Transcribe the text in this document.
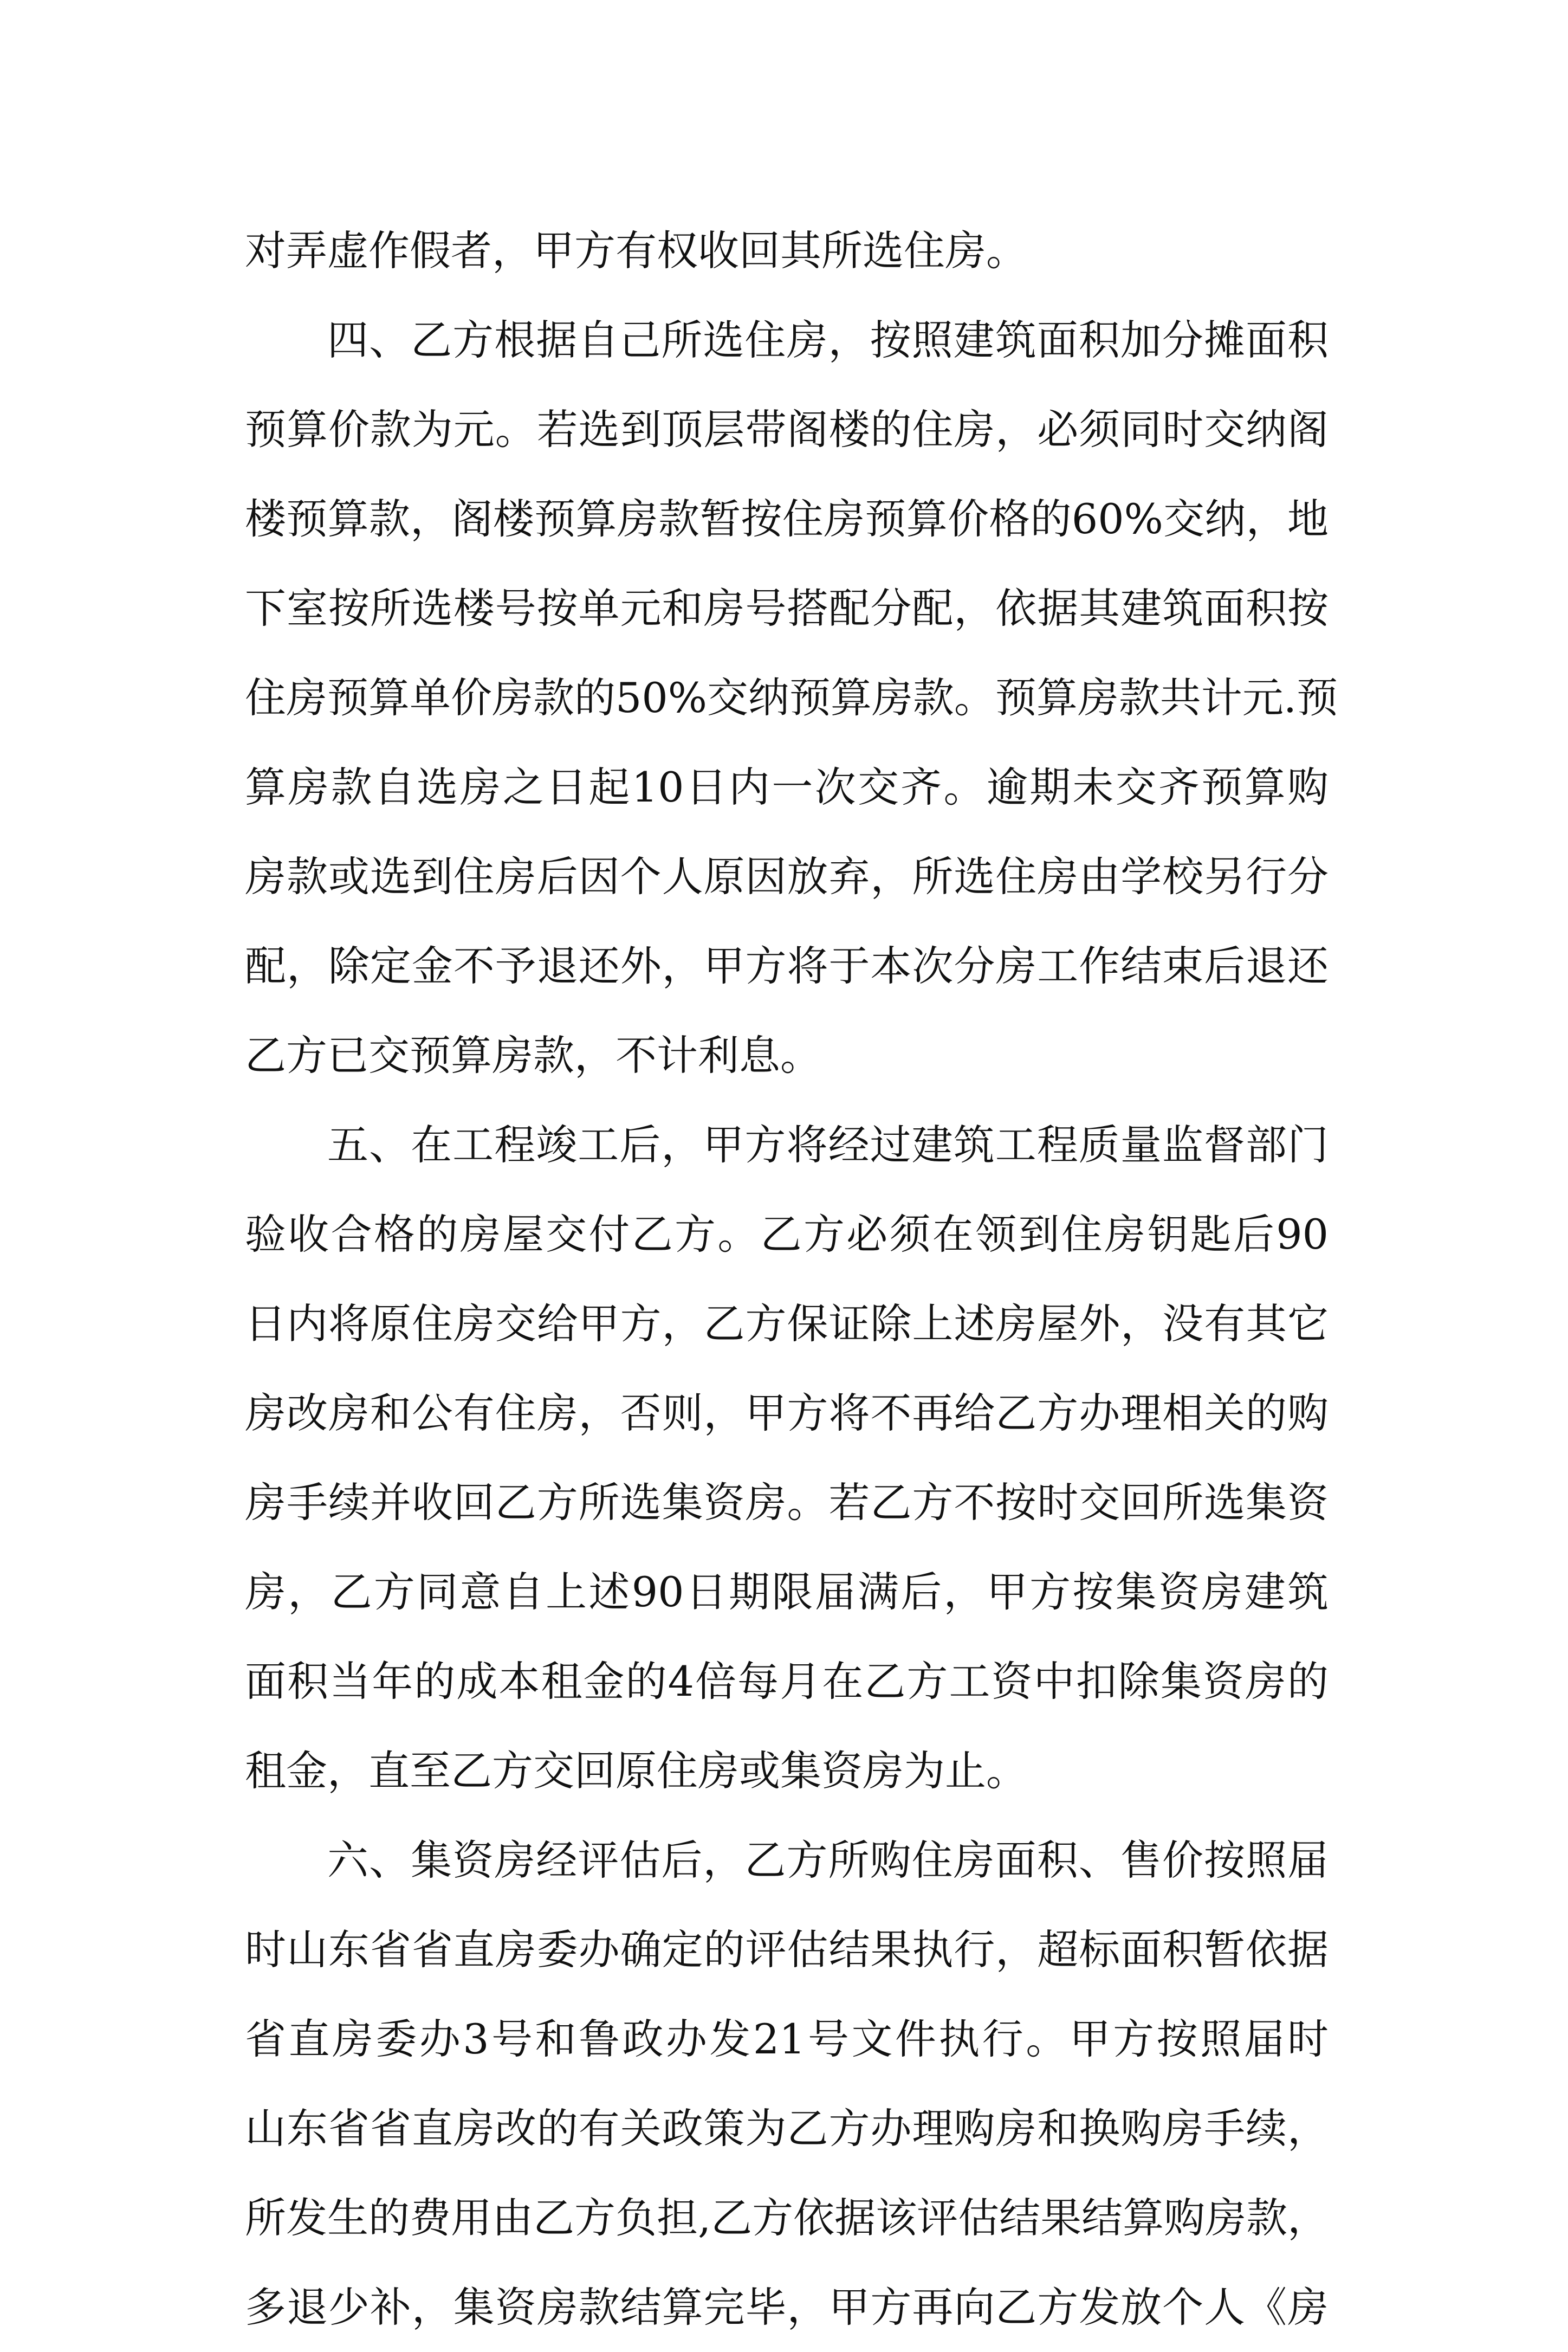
对弄虚作假者，甲方有权收回其所选住房。
四、乙方根据自己所选住房，按照建筑面积加分摊面积
预算价款为元。若选到顶层带阁楼的住房，必须同时交纳阁
楼预算款，阁楼预算房款暂按住房预算价格的60%交纳，地
下室按所选楼号按单元和房号搭配分配，依据其建筑面积按
住房预算单价房款的50%交纳预算房款。预算房款共计元.预
算房款自选房之日起10日内一次交齐。逾期未交齐预算购
房款或选到住房后因个人原因放弃，所选住房由学校另行分
配，除定金不予退还外，甲方将于本次分房工作结束后退还
乙方已交预算房款，不计利息。
五、在工程竣工后，甲方将经过建筑工程质量监督部门
验收合格的房屋交付乙方。乙方必须在领到住房钥匙后90
日内将原住房交给甲方，乙方保证除上述房屋外，没有其它
房改房和公有住房，否则，甲方将不再给乙方办理相关的购
房手续并收回乙方所选集资房。若乙方不按时交回所选集资
房，乙方同意自上述90日期限届满后，甲方按集资房建筑
面积当年的成本租金的4倍每月在乙方工资中扣除集资房的
租金，直至乙方交回原住房或集资房为止。
六、集资房经评估后，乙方所购住房面积、售价按照届
时山东省省直房委办确定的评估结果执行，超标面积暂依据
省直房委办3号和鲁政办发21号文件执行。甲方按照届时
山东省省直房改的有关政策为乙方办理购房和换购房手续，
所发生的费用由乙方负担,乙方依据该评估结果结算购房款，
多退少补，集资房款结算完毕，甲方再向乙方发放个人《房
